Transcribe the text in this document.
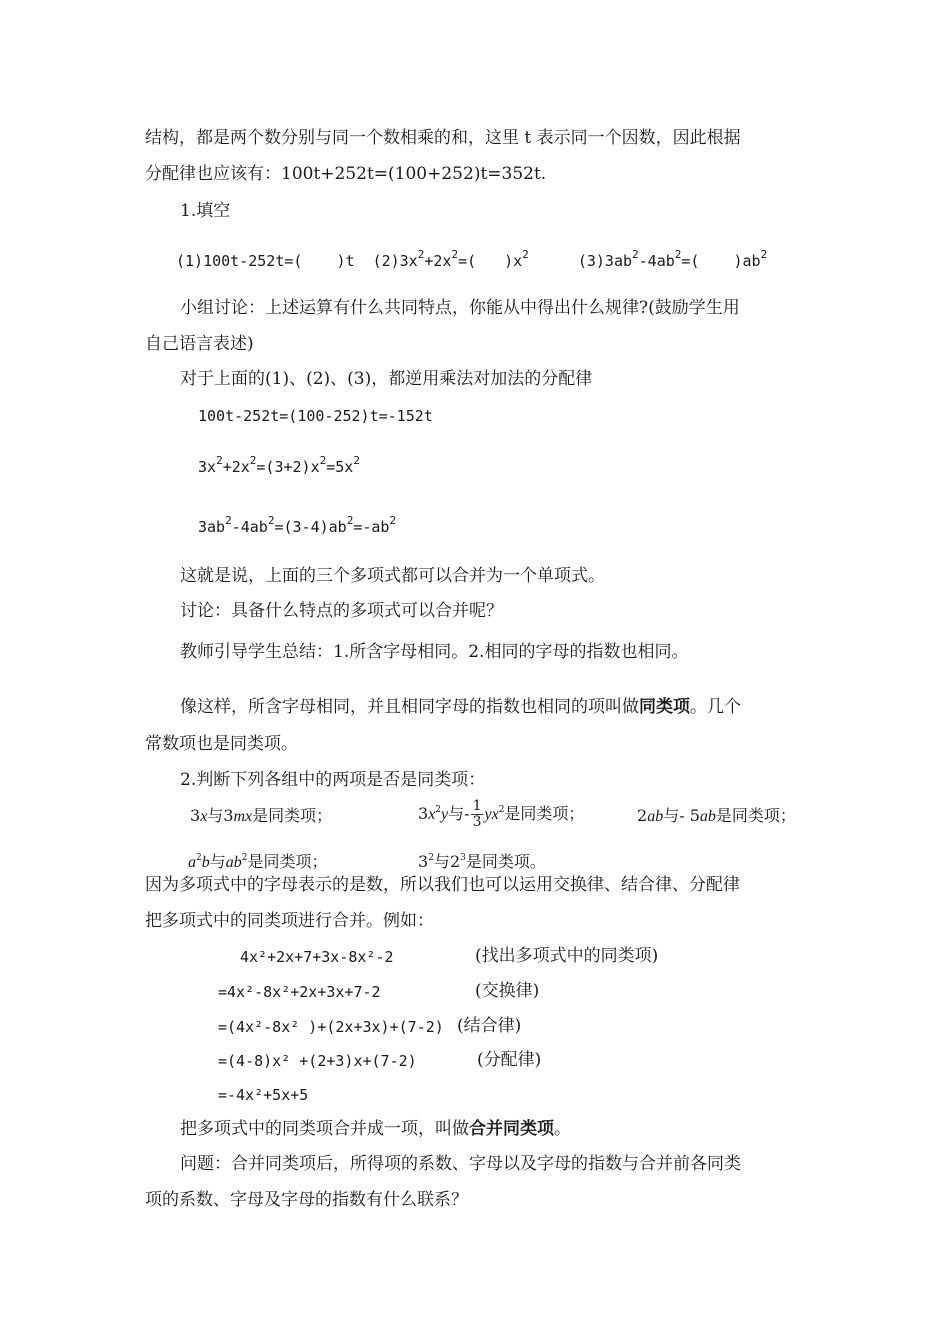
结构，都是两个数分别与同一个数相乘的和，这里 t 表示同一个因数，因此根据
分配律也应该有：100t+252t=(100+252)t=352t.
1.填空
(1)100t-252t=( )t $(2)3x^2+2x^2=$( )$x^2$	$(3)3ab^2-4ab^2=$( )$ab^2$
小组讨论：上述运算有什么共同特点，你能从中得出什么规律?(鼓励学生用
自己语言表述)
对于上面的(1)、(2)、(3)，都逆用乘法对加法的分配律
100t-252t=(100-252)t=-152t
$3x^2+2x^2=(3+2)x^2=5x^2$
$3ab^2-4ab^2=(3-4)ab^2=-ab^2$
这就是说，上面的三个多项式都可以合并为一个单项式。
讨论：具备什么特点的多项式可以合并呢？
教师引导学生总结：1.所含字母相同。2.相同的字母的指数也相同。
像这样，所含字母相同，并且相同字母的指数也相同的项叫做同类项。几个
常数项也是同类项。
2.判断下列各组中的两项是否是同类项：
3x与3mx是同类项；	$3x^2y$与- $\frac{1}{3} yx^2$是同类项；	2ab与- 5ab是同类项；
$a^2b$与$ab^2$是同类项；	$3^2$与$2^3$是同类项。
因为多项式中的字母表示的是数，所以我们也可以运用交换律、结合律、分配律
把多项式中的同类项进行合并。例如：
4x²+2x+7+3x-8x²-2	(找出多项式中的同类项)
=4x²-8x²+2x+3x+7-2	(交换律)
=(4x²-8x² )+(2x+3x)+(7-2) (结合律)
=(4-8)x² +(2+3)x+(7-2)	(分配律)
=-4x²+5x+5
把多项式中的同类项合并成一项，叫做合并同类项。
问题：合并同类项后，所得项的系数、字母以及字母的指数与合并前各同类
项的系数、字母及字母的指数有什么联系？
